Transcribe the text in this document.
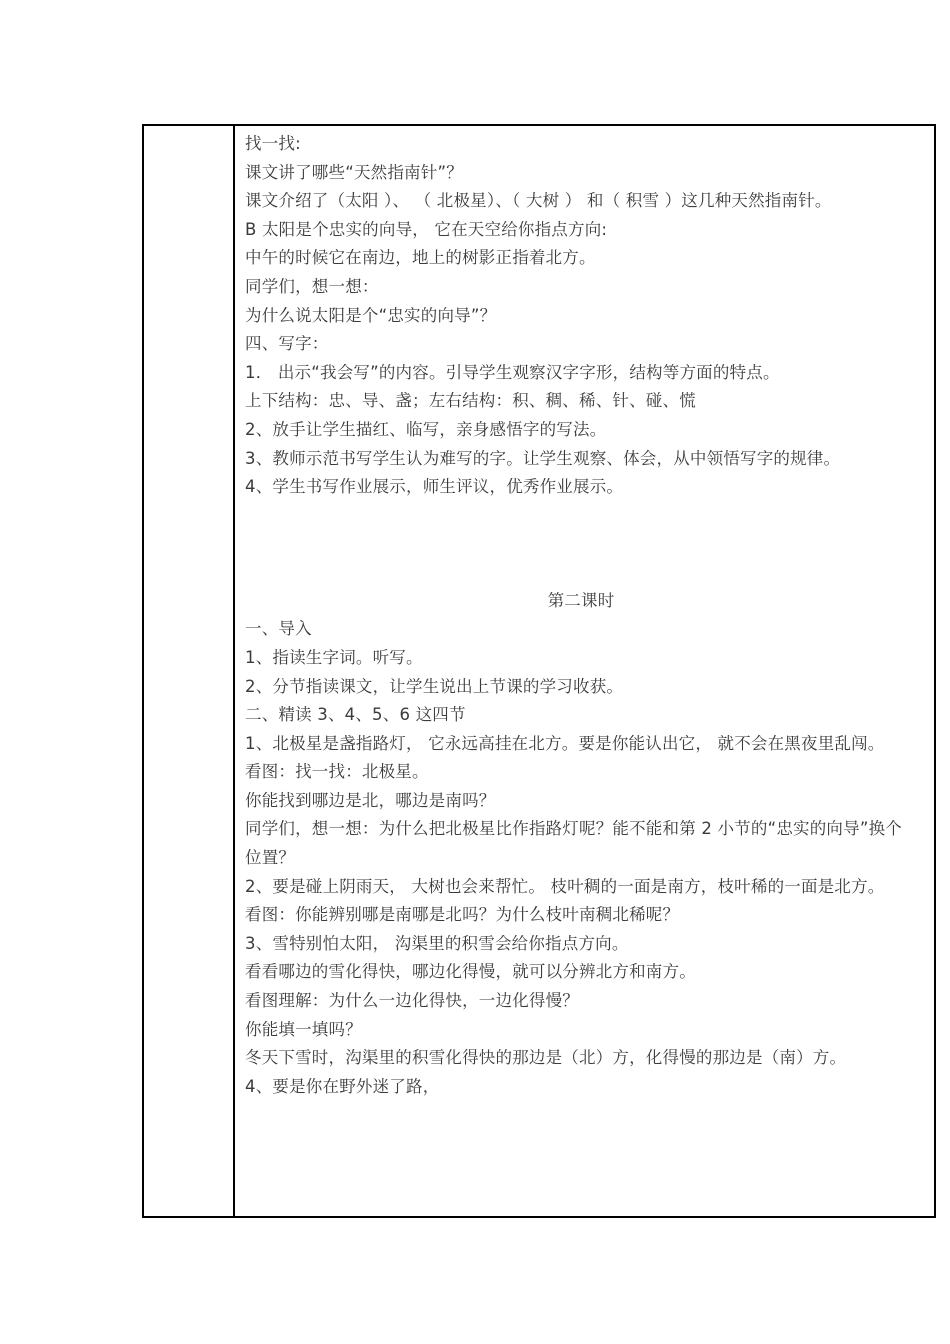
找一找:
课文讲了哪些“天然指南针”？
课文介绍了（太阳 ）、 （ 北极星）、（ 大树 ） 和（ 积雪 ）这几种天然指南针。
B 太阳是个忠实的向导， 它在天空给你指点方向:
中午的时候它在南边，地上的树影正指着北方。
同学们，想一想：
为什么说太阳是个“忠实的向导”？
四、写字：
1． 出示“我会写”的内容。引导学生观察汉字字形，结构等方面的特点。
上下结构：忠、导、盏；左右结构：积、稠、稀、针、碰、慌
2、放手让学生描红、临写，亲身感悟字的写法。
3、教师示范书写学生认为难写的字。让学生观察、体会，从中领悟写字的规律。
4、学生书写作业展示，师生评议，优秀作业展示。
第二课时
一、导入
1、指读生字词。听写。
2、分节指读课文，让学生说出上节课的学习收获。
二、精读 3、4、5、6 这四节
1、北极星是盏指路灯， 它永远高挂在北方。要是你能认出它， 就不会在黑夜里乱闯。
看图：找一找：北极星。
你能找到哪边是北，哪边是南吗？
同学们，想一想：为什么把北极星比作指路灯呢？能不能和第 2 小节的“忠实的向导”换个位置？
2、要是碰上阴雨天， 大树也会来帮忙。 枝叶稠的一面是南方，枝叶稀的一面是北方。
看图：你能辨别哪是南哪是北吗？为什么枝叶南稠北稀呢？
3、雪特别怕太阳， 沟渠里的积雪会给你指点方向。
看看哪边的雪化得快，哪边化得慢，就可以分辨北方和南方。
看图理解：为什么一边化得快，一边化得慢？
你能填一填吗？
冬天下雪时，沟渠里的积雪化得快的那边是（北）方，化得慢的那边是（南）方。
4、要是你在野外迷了路，
